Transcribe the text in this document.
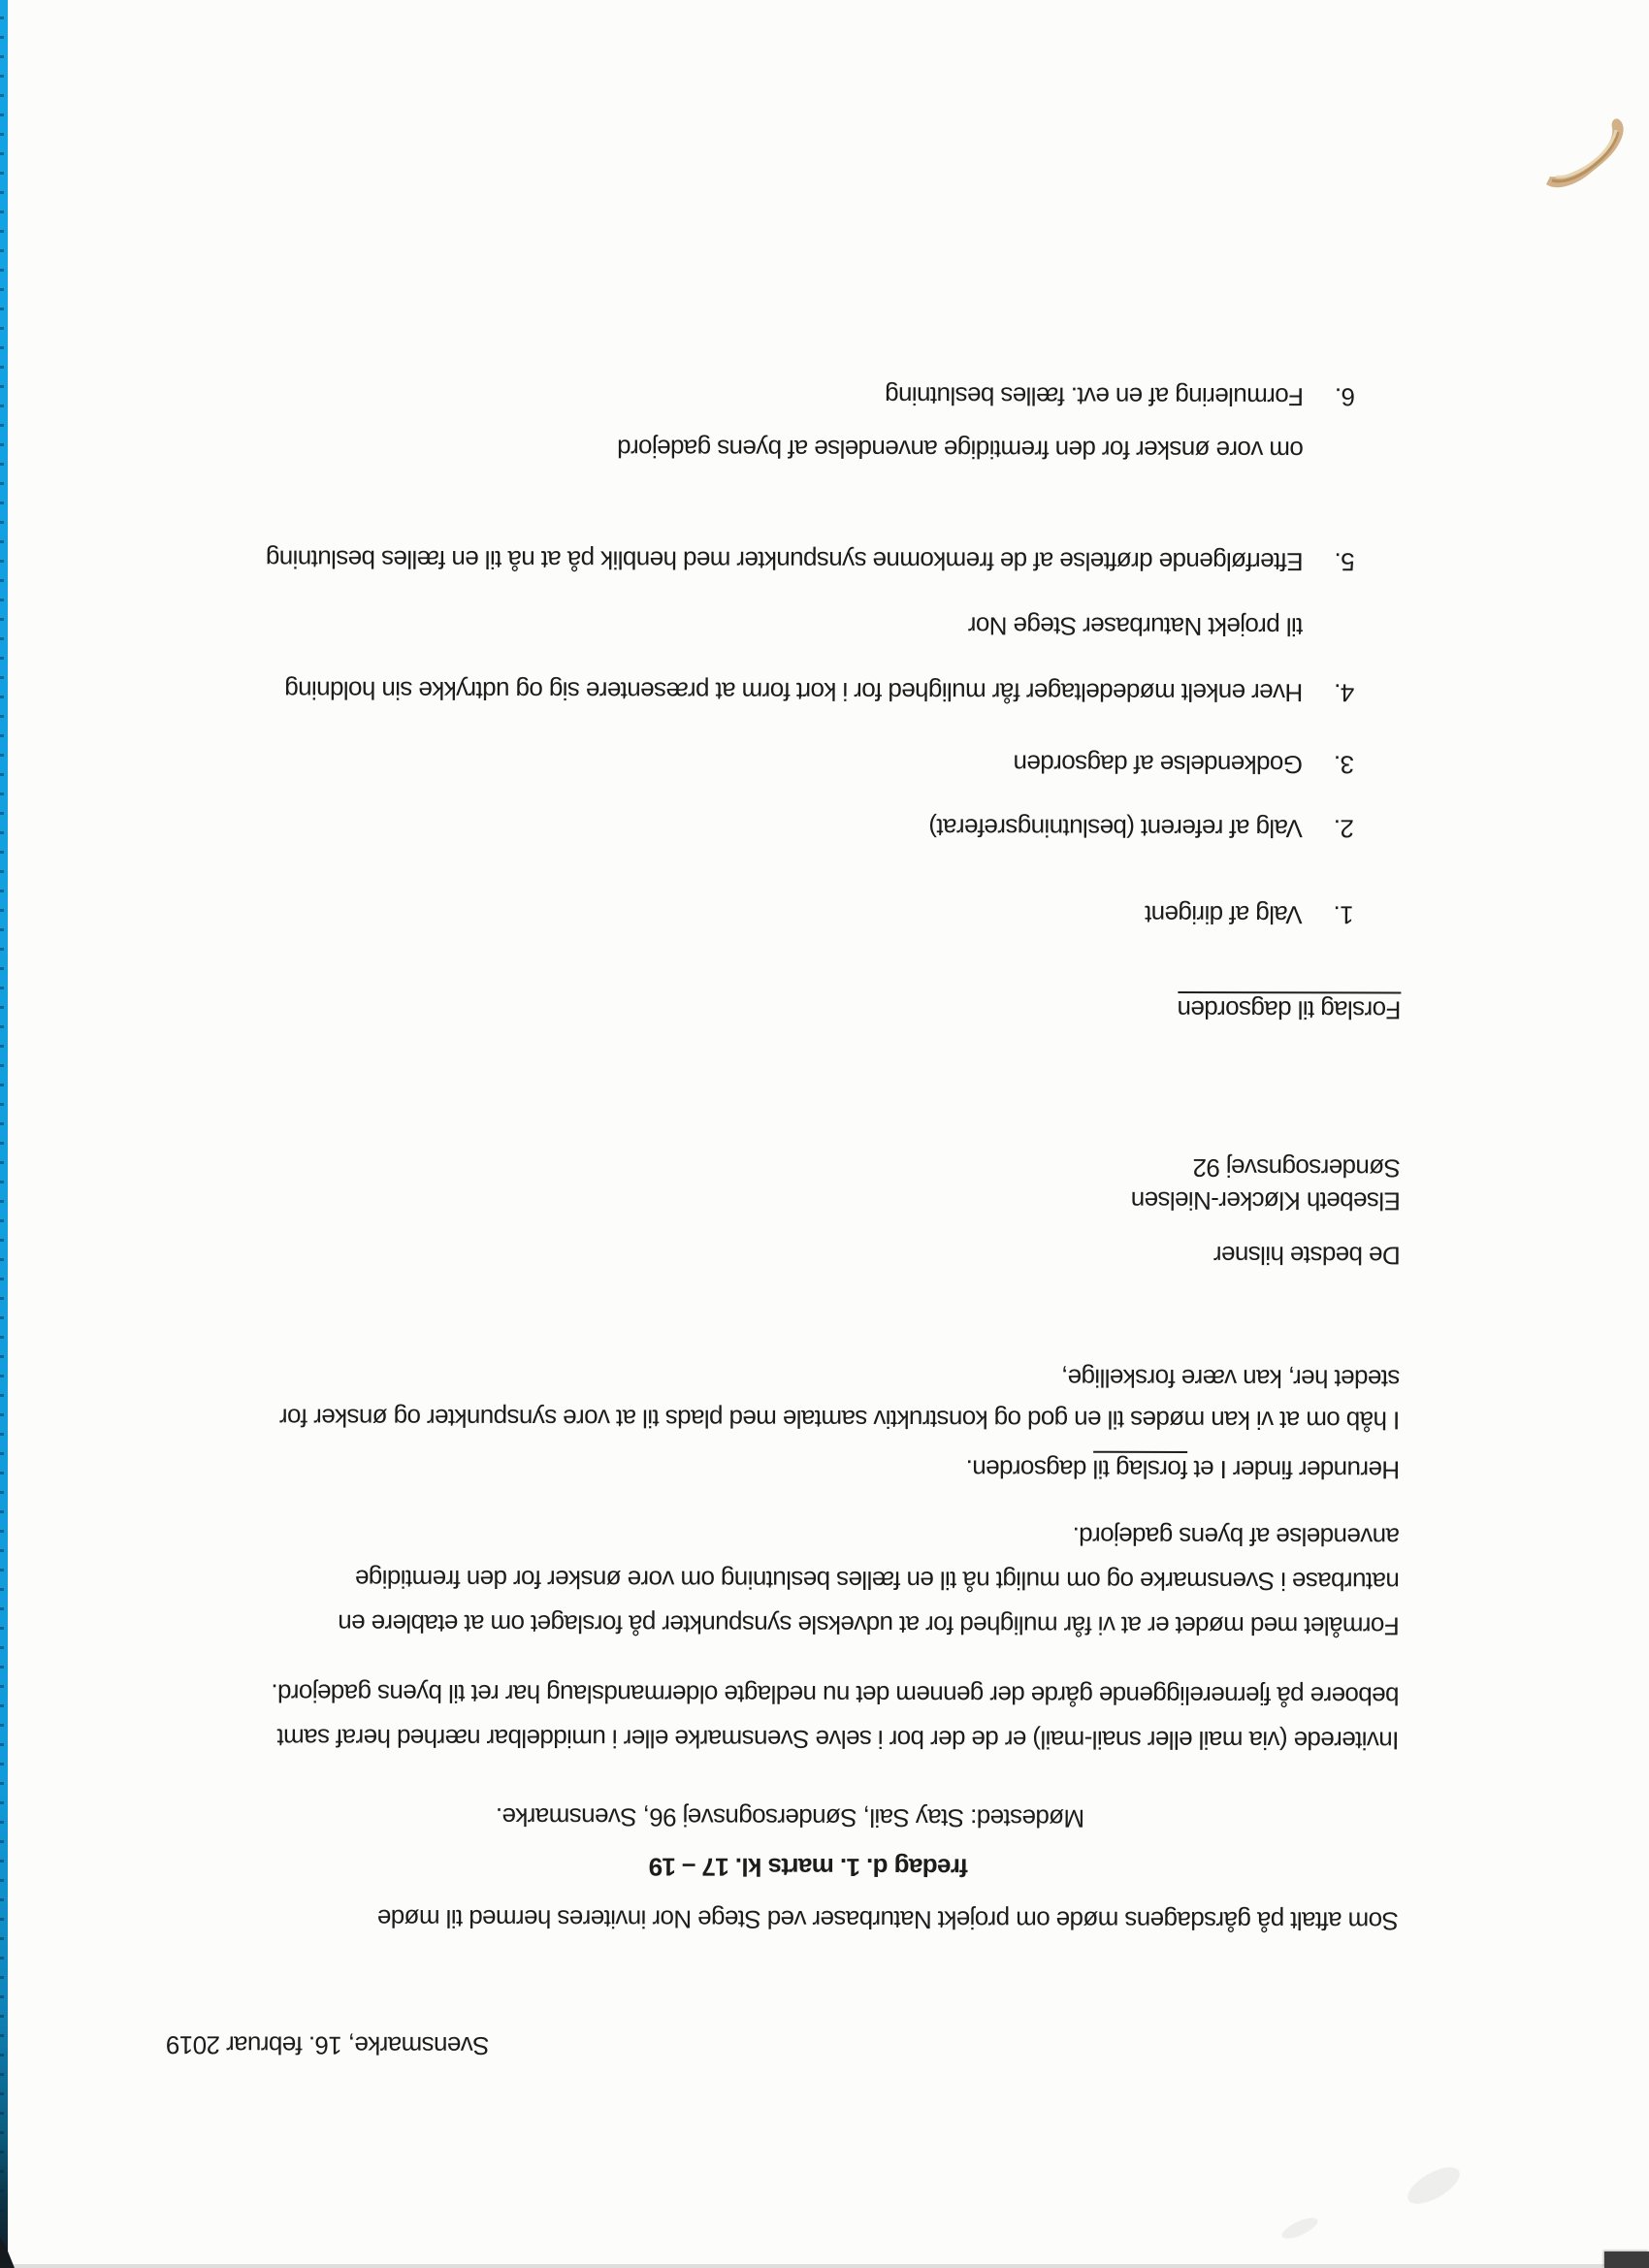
Svensmarke, 16. februar 2019
Som aftalt på gårsdagens møde om projekt Naturbaser ved Stege Nor inviteres hermed til møde
fredag d. 1. marts kl. 17 – 19
Mødested: Stay Sail, Søndersognsvej 96, Svensmarke.
Inviterede (via mail eller snail-mail) er de der bor i selve Svensmarke eller i umiddelbar nærhed heraf samt
beboere på fjernereliggende gårde der gennem det nu nedlagte oldermandslaug har ret til byens gadejord.
Formålet med mødet er at vi får mulighed for at udveksle synspunkter på forslaget om at etablere en
naturbase i Svensmarke og om muligt nå til en fælles beslutning om vore ønsker for den fremtidige
anvendelse af byens gadejord.
Herunder finder I et forslag til dagsorden.
I håb om at vi kan mødes til en god og konstruktiv samtale med plads til at vore synspunkter og ønsker for
stedet her, kan være forskellige,
De bedste hilsner
Elsebeth Kløcker-Nielsen
Søndersognsvej 92
Forslag til dagsorden
1.Valg af dirigent
2.Valg af referent (beslutningsreferat)
3.Godkendelse af dagsorden
4.Hver enkelt mødedeltager får mulighed for i kort form at præsentere sig og udtrykke sin holdning
til projekt Naturbaser Stege Nor
5.Efterfølgende drøftelse af de fremkomne synspunkter med henblik på at nå til en fælles beslutning
om vore ønsker for den fremtidige anvendelse af byens gadejord
6.Formulering af en evt. fælles beslutning
